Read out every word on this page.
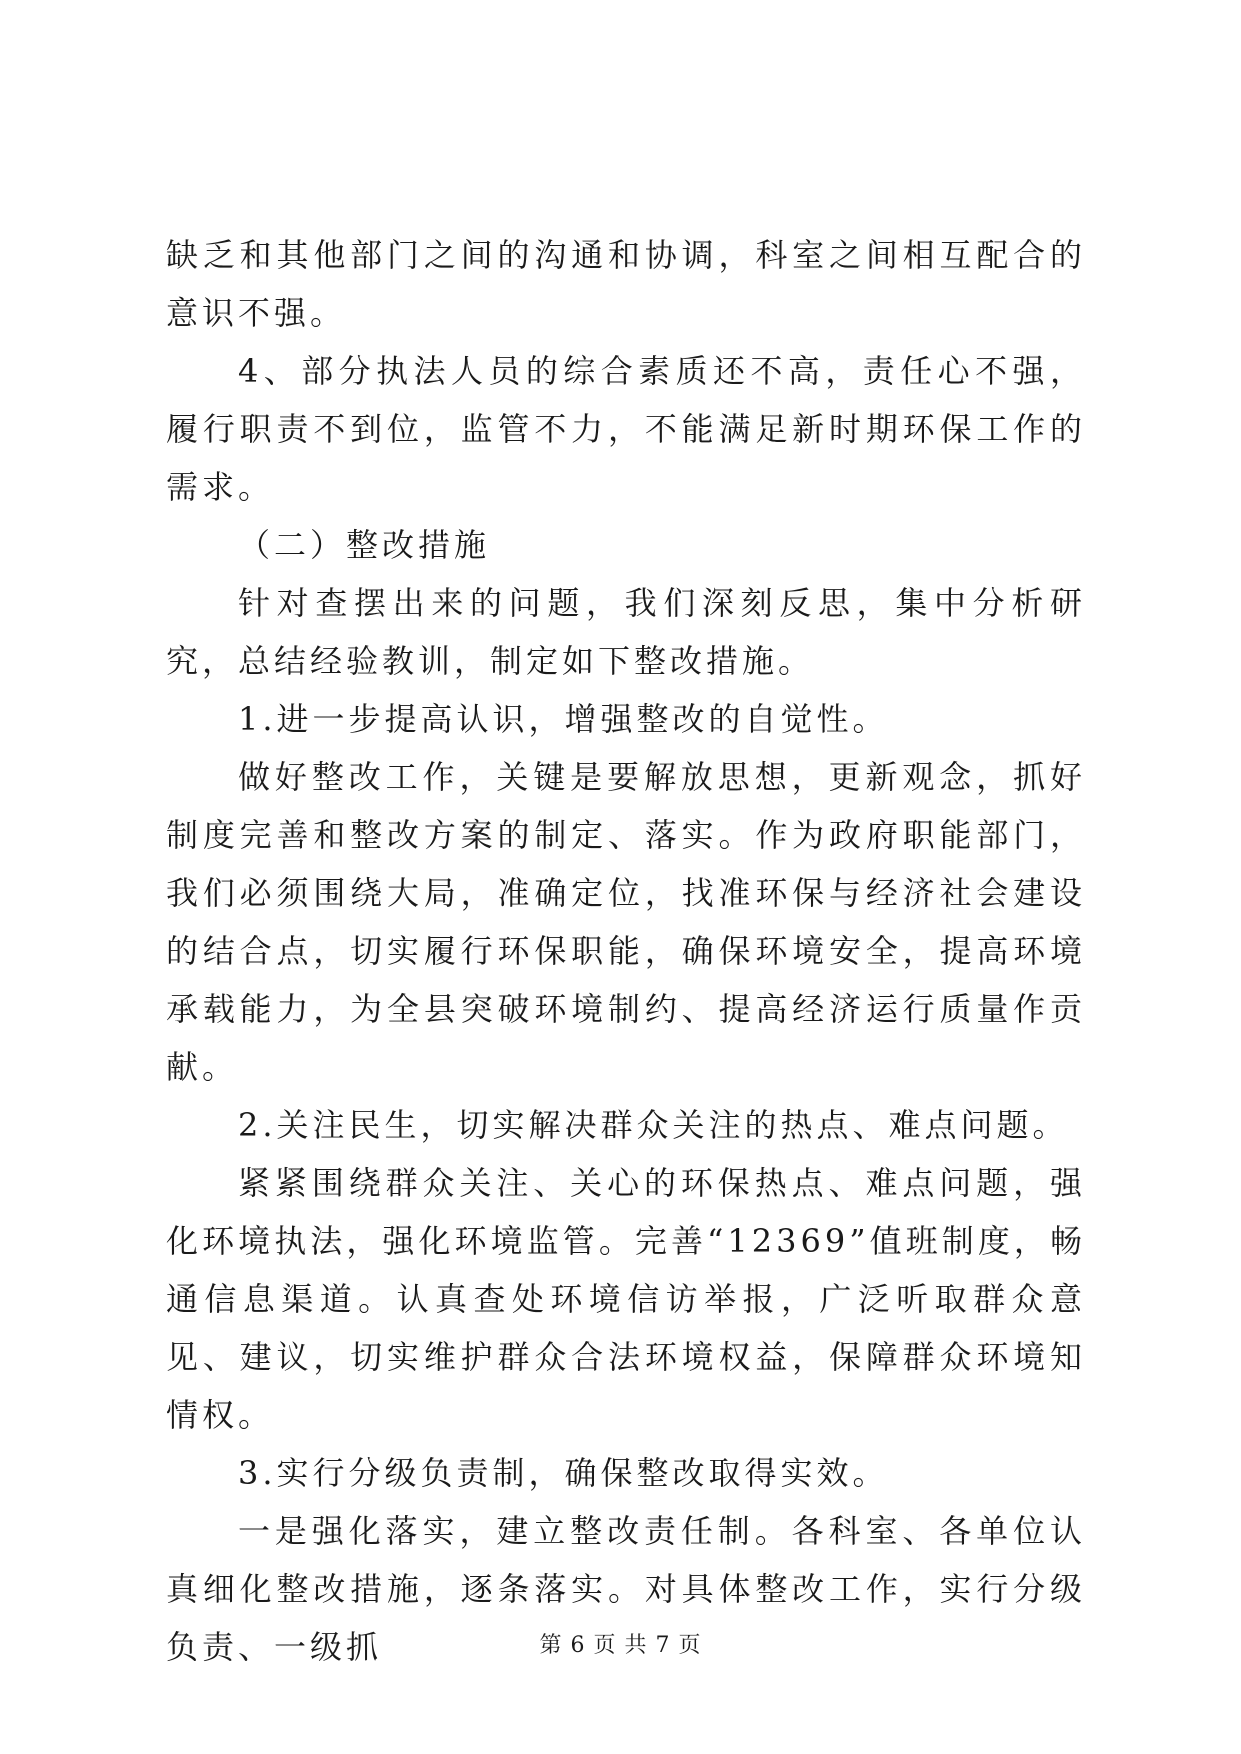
缺乏和其他部门之间的沟通和协调，科室之间相互配合的意识不强。

4、部分执法人员的综合素质还不高，责任心不强，履行职责不到位，监管不力，不能满足新时期环保工作的需求。

（二）整改措施

针对查摆出来的问题，我们深刻反思，集中分析研究，总结经验教训，制定如下整改措施。

1.进一步提高认识，增强整改的自觉性。

做好整改工作，关键是要解放思想，更新观念，抓好制度完善和整改方案的制定、落实。作为政府职能部门，我们必须围绕大局，准确定位，找准环保与经济社会建设的结合点，切实履行环保职能，确保环境安全，提高环境承载能力，为全县突破环境制约、提高经济运行质量作贡献。

2.关注民生，切实解决群众关注的热点、难点问题。

紧紧围绕群众关注、关心的环保热点、难点问题，强化环境执法，强化环境监管。完善“12369”值班制度，畅通信息渠道。认真查处环境信访举报，广泛听取群众意见、建议，切实维护群众合法环境权益，保障群众环境知情权。

3.实行分级负责制，确保整改取得实效。

一是强化落实，建立整改责任制。各科室、各单位认真细化整改措施，逐条落实。对具体整改工作，实行分级负责、一级抓	第 6 页 共 7 页
